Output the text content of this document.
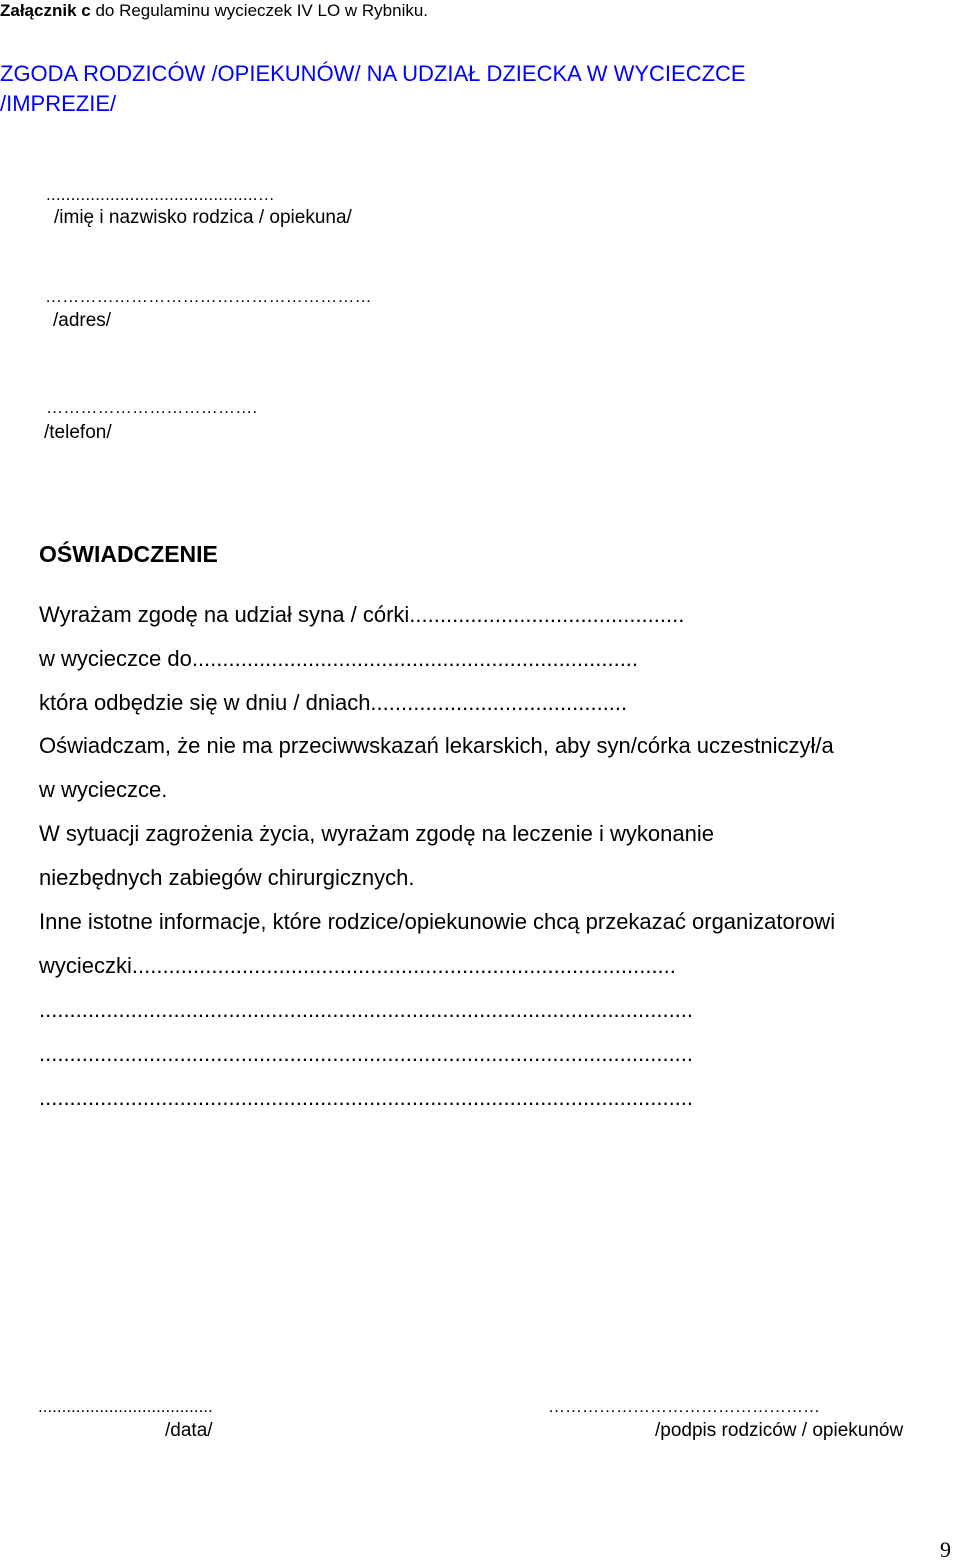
Załącznik c do Regulaminu wycieczek IV LO w Rybniku.
ZGODA RODZICÓW /OPIEKUNÓW/ NA UDZIAŁ DZIECKA W WYCIECZCE
/IMPREZIE/
...........................................…
/imię i nazwisko rodzica / opiekuna/
…………………………………………………
/adres/
……………………………….
/telefon/
OŚWIADCZENIE
Wyrażam zgodę na udział syna / córki.............................................
w wycieczce do.........................................................................
która odbędzie się w dniu / dniach..........................................
Oświadczam, że nie ma przeciwwskazań lekarskich, aby syn/córka uczestniczył/a
w wycieczce.
W sytuacji zagrożenia życia, wyrażam zgodę na leczenie i wykonanie
niezbędnych zabiegów chirurgicznych.
Inne istotne informacje, które rodzice/opiekunowie chcą przekazać organizatorowi
wycieczki.........................................................................................
...........................................................................................................
...........................................................................................................
...........................................................................................................
.....................................
/data/
…………………………………………
/podpis rodziców / opiekunów
9
